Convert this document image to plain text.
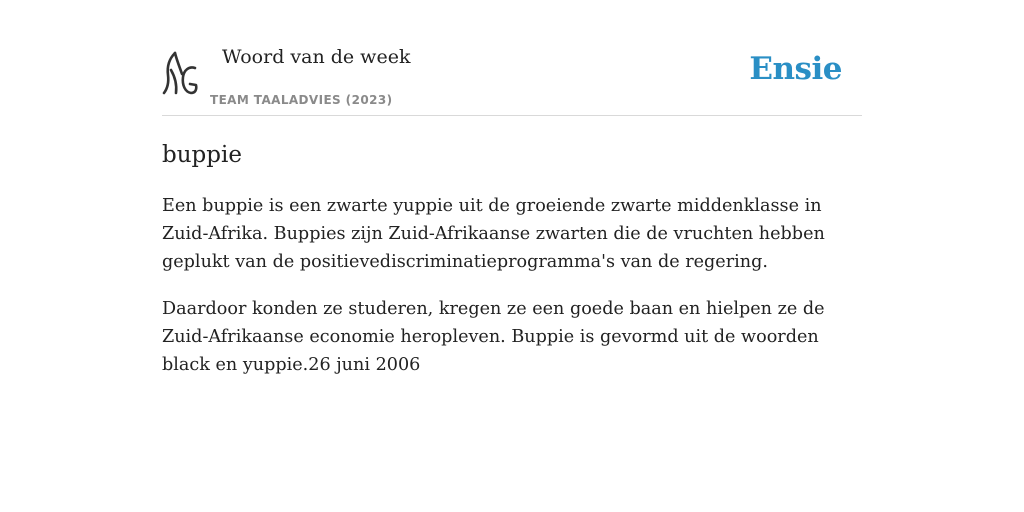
Woord van de week
TEAM TAALADVIES (2023)
Ensie
buppie

Een buppie is een zwarte yuppie uit de groeiende zwarte middenklasse in Zuid-Afrika. Buppies zijn Zuid-Afrikaanse zwarten die de vruchten hebben geplukt van de positievediscriminatieprogramma's van de regering.

Daardoor konden ze studeren, kregen ze een goede baan en hielpen ze de Zuid-Afrikaanse economie heropleven. Buppie is gevormd uit de woorden black en yuppie.26 juni 2006
